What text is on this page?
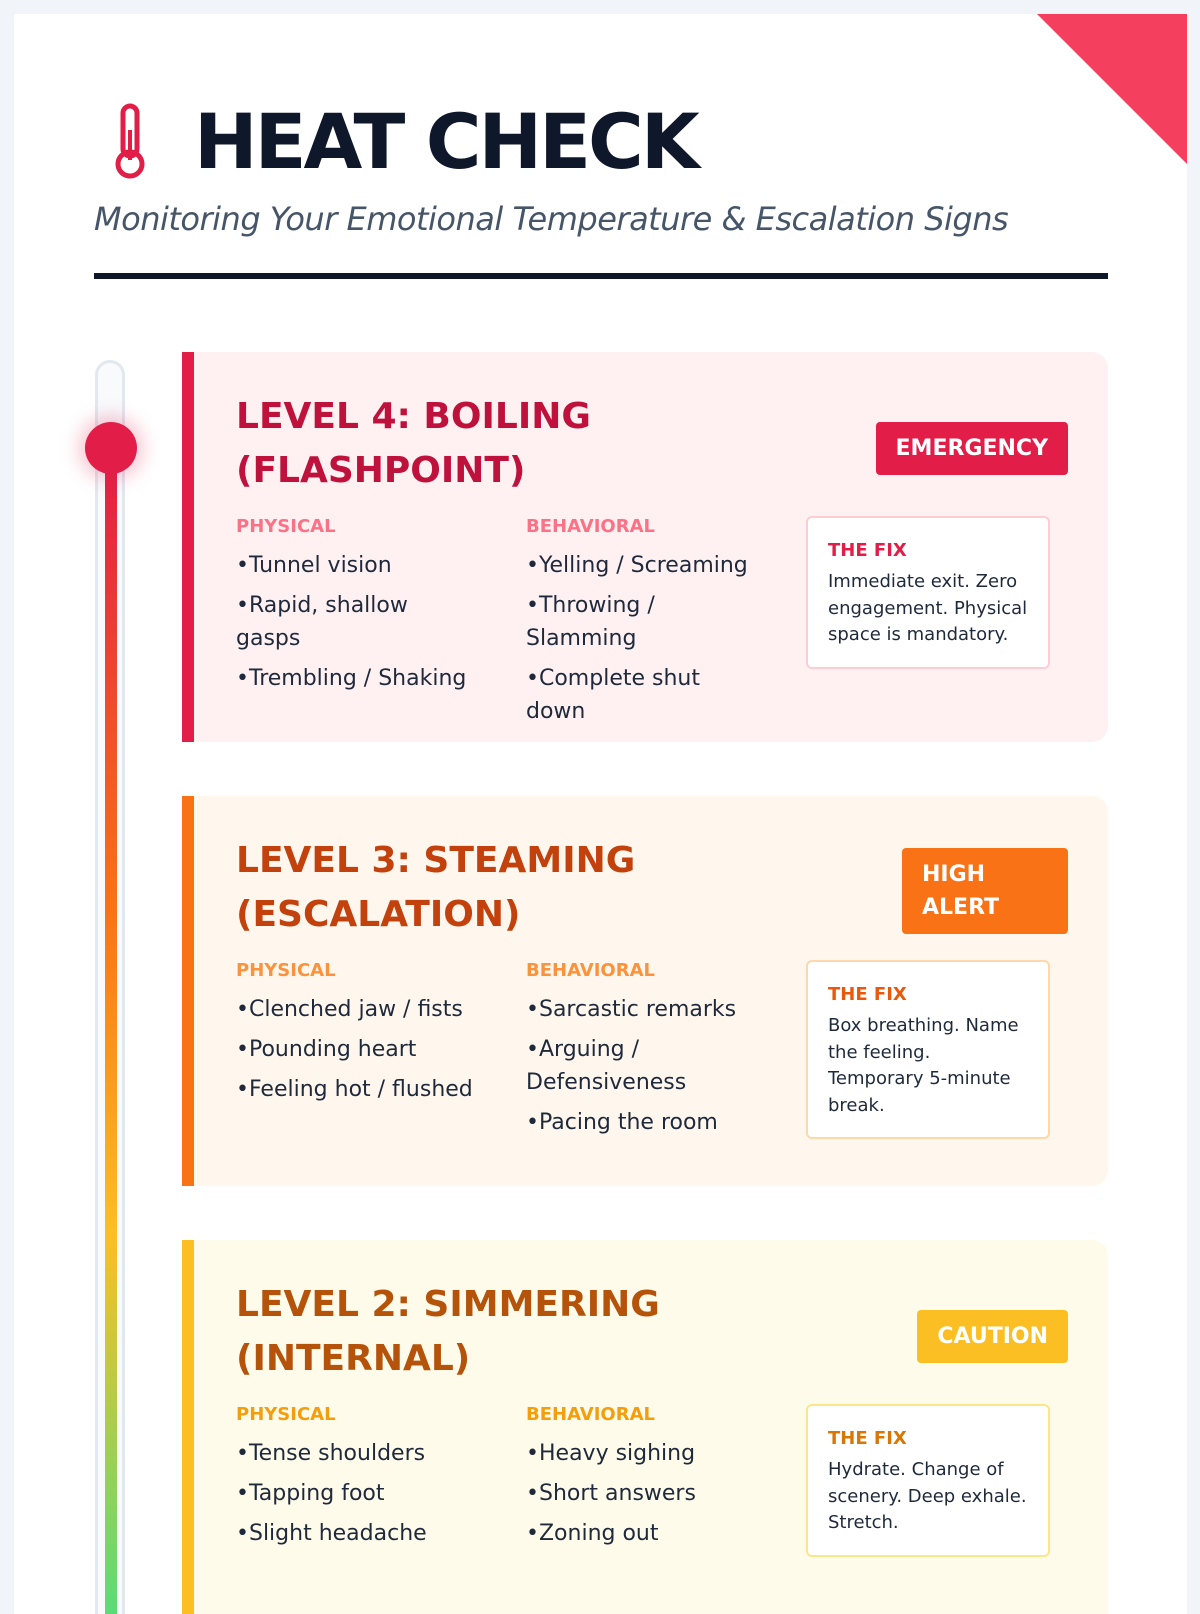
HEAT CHECK
Monitoring Your Emotional Temperature & Escalation Signs
LEVEL 4: BOILING (FLASHPOINT)
EMERGENCY
PHYSICAL
• Tunnel vision
• Rapid, shallow gasps
• Trembling / Shaking
BEHAVIORAL
• Yelling / Screaming
• Throwing / Slamming
• Complete shut down
THE FIX
Immediate exit. Zero engagement. Physical space is mandatory.
LEVEL 3: STEAMING (ESCALATION)
HIGH ALERT
PHYSICAL
• Clenched jaw / fists
• Pounding heart
• Feeling hot / flushed
BEHAVIORAL
• Sarcastic remarks
• Arguing / Defensiveness
• Pacing the room
THE FIX
Box breathing. Name the feeling. Temporary 5-minute break.
LEVEL 2: SIMMERING (INTERNAL)
CAUTION
PHYSICAL
• Tense shoulders
• Tapping foot
• Slight headache
BEHAVIORAL
• Heavy sighing
• Short answers
• Zoning out
THE FIX
Hydrate. Change of scenery. Deep exhale. Stretch.
